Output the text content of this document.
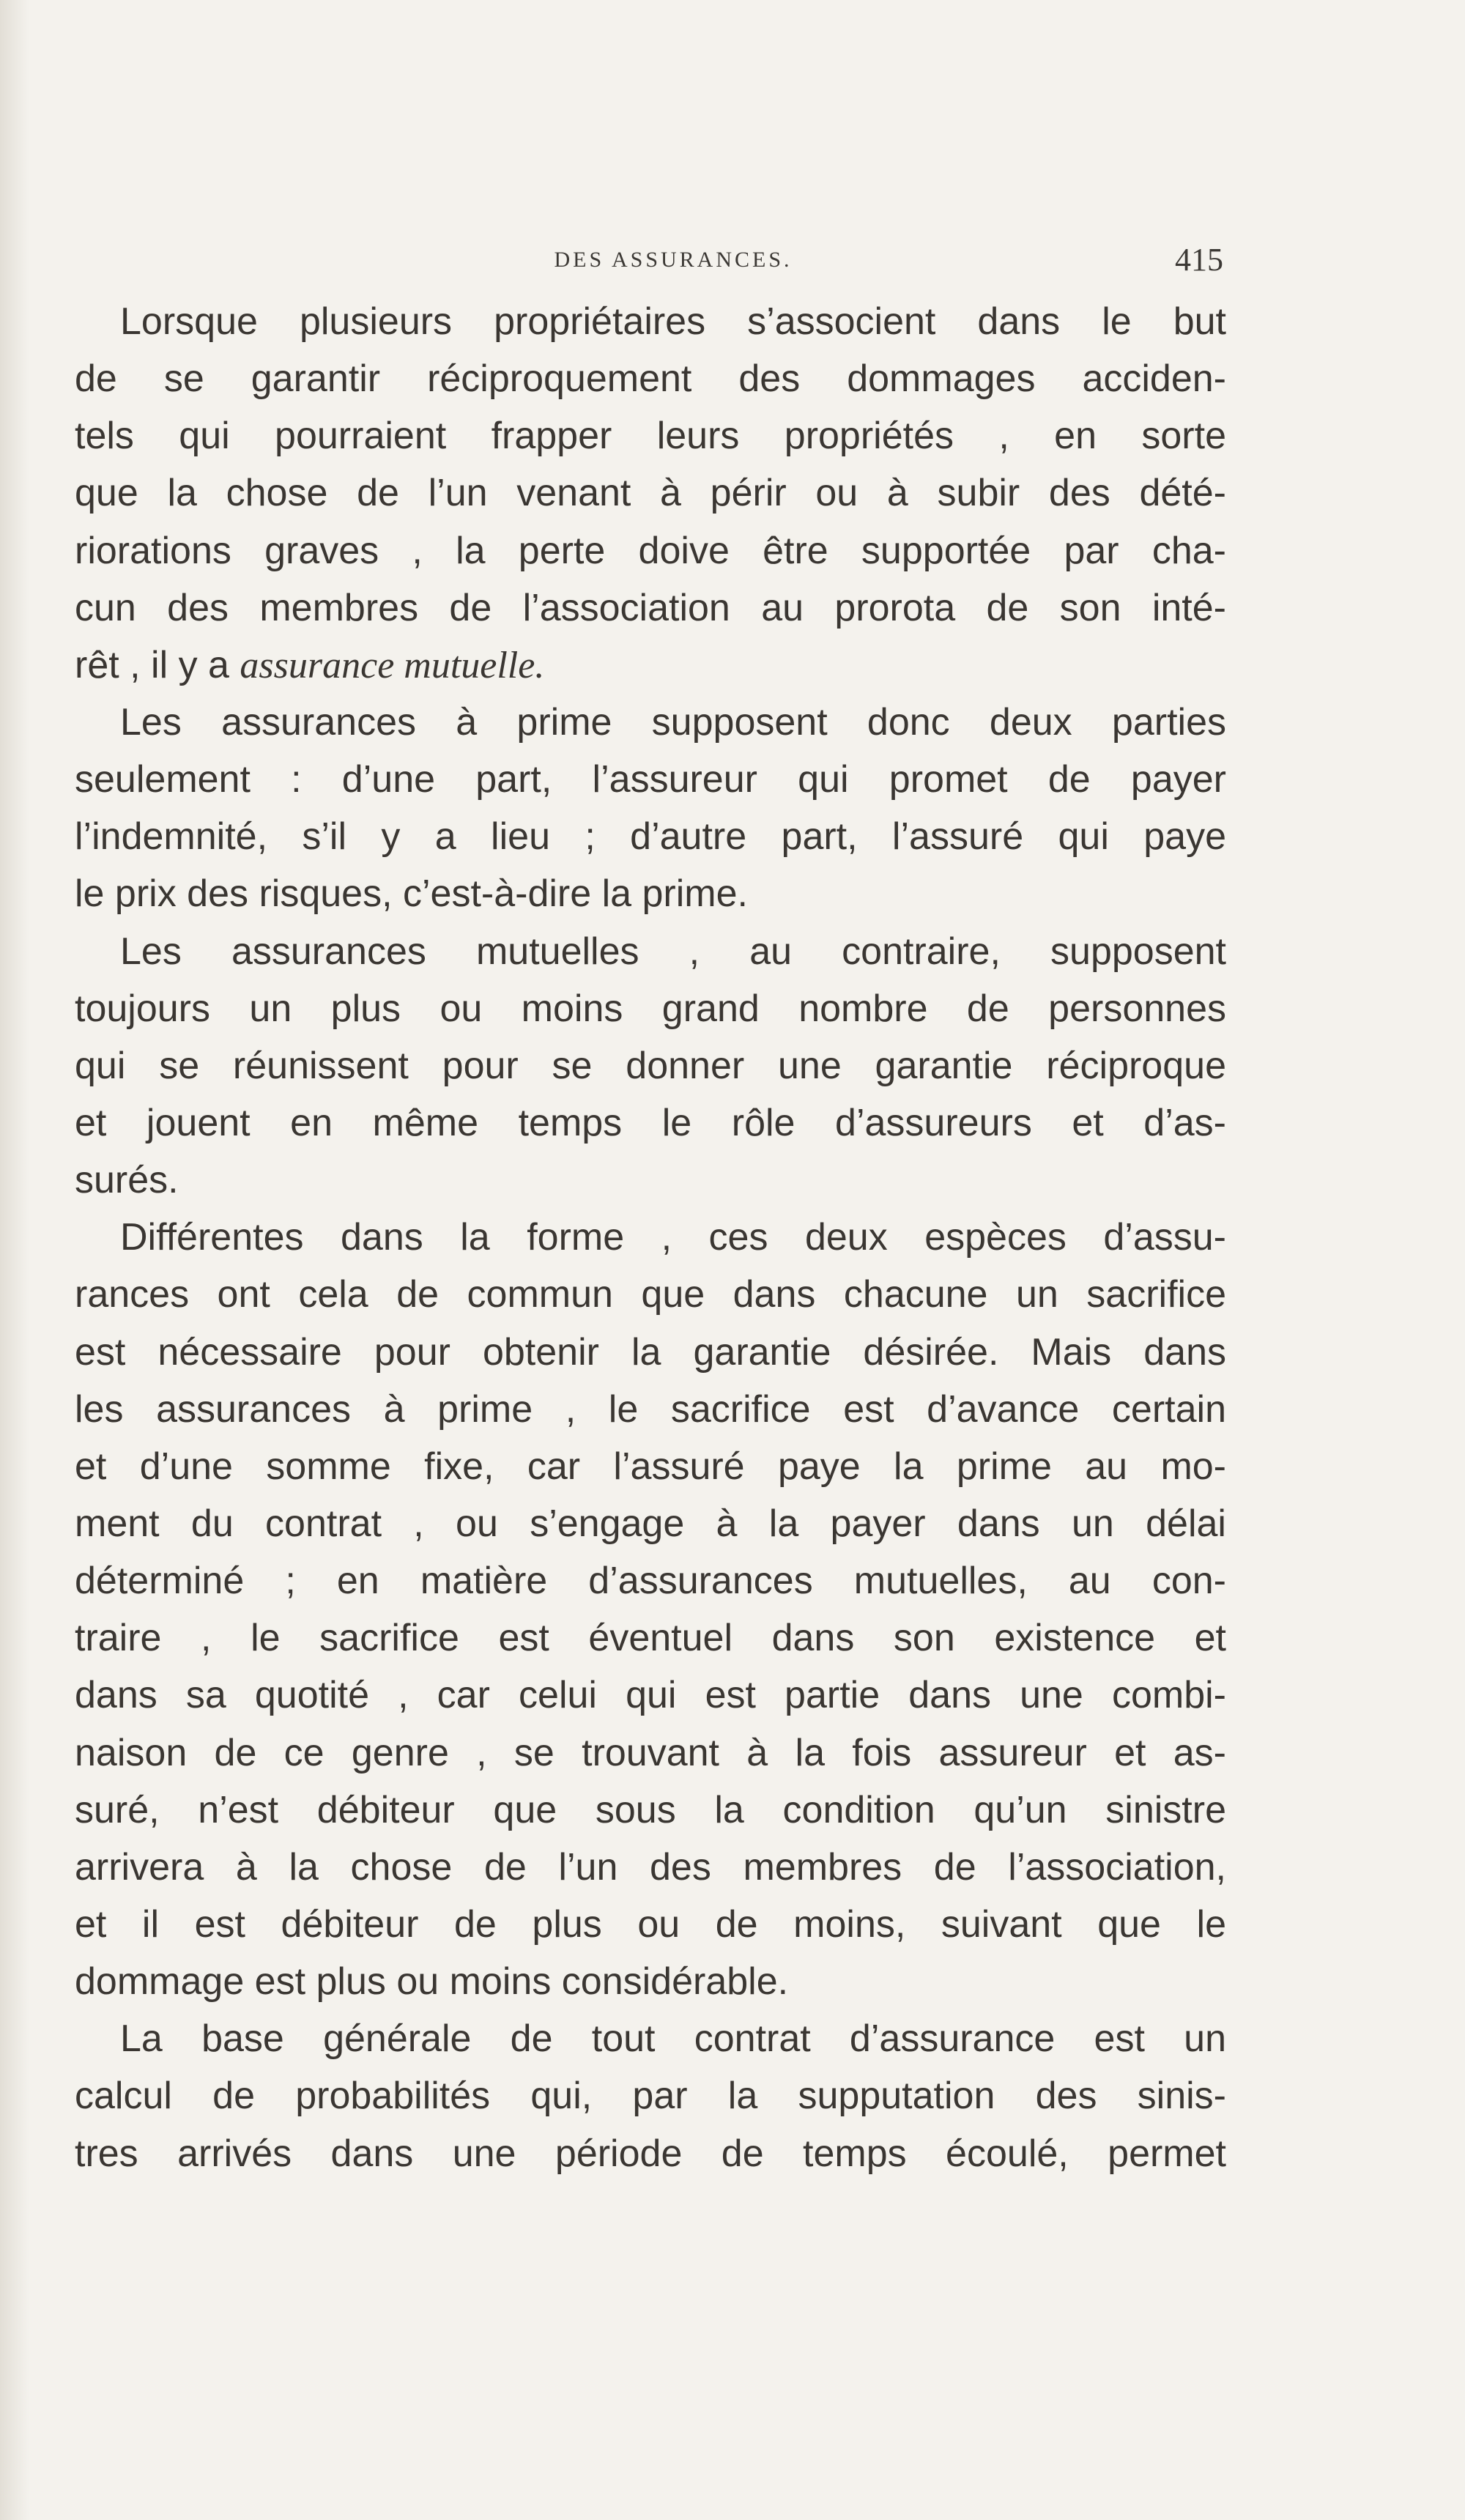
DES ASSURANCES.	415
Lorsque plusieurs propriétaires s’associent dans le but
de se garantir réciproquement des dommages acciden-
tels qui pourraient frapper leurs propriétés , en sorte
que la chose de l’un venant à périr ou à subir des dété-
riorations graves , la perte doive être supportée par cha-
cun des membres de l’association au prorota de son inté-
rêt , il y a assurance mutuelle.
Les assurances à prime supposent donc deux parties
seulement : d’une part, l’assureur qui promet de payer
l’indemnité, s’il y a lieu ; d’autre part, l’assuré qui paye
le prix des risques, c’est-à-dire la prime.
Les assurances mutuelles , au contraire, supposent
toujours un plus ou moins grand nombre de personnes
qui se réunissent pour se donner une garantie réciproque
et jouent en même temps le rôle d’assureurs et d’as-
surés.
Différentes dans la forme , ces deux espèces d’assu-
rances ont cela de commun que dans chacune un sacrifice
est nécessaire pour obtenir la garantie désirée. Mais dans
les assurances à prime , le sacrifice est d’avance certain
et d’une somme fixe, car l’assuré paye la prime au mo-
ment du contrat , ou s’engage à la payer dans un délai
déterminé ; en matière d’assurances mutuelles, au con-
traire , le sacrifice est éventuel dans son existence et
dans sa quotité , car celui qui est partie dans une combi-
naison de ce genre , se trouvant à la fois assureur et as-
suré, n’est débiteur que sous la condition qu’un sinistre
arrivera à la chose de l’un des membres de l’association,
et il est débiteur de plus ou de moins, suivant que le
dommage est plus ou moins considérable.
La base générale de tout contrat d’assurance est un
calcul de probabilités qui, par la supputation des sinis-
tres arrivés dans une période de temps écoulé, permet
